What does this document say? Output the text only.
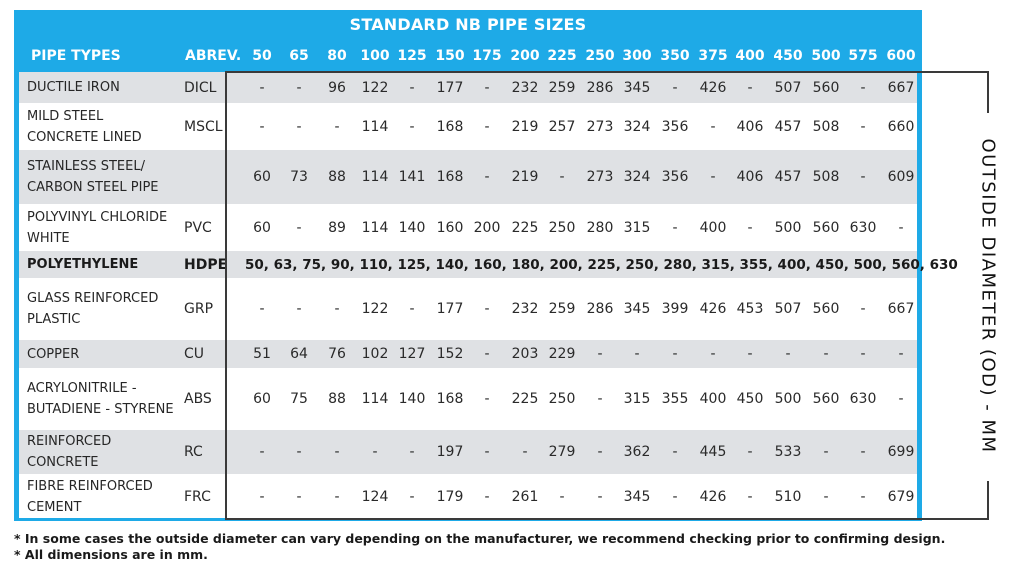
STANDARD NB PIPE SIZES
PIPE TYPES	ABREV. 50 65 80 100 125 150 175 200 225 250 300 350 375 400 450 500 575 600
DUCTILE IRON	DICL	- - 96 122 - 177 - 232 259 286 345 - 426 - 507 560 - 667
MILD STEEL
CONCRETE LINED
MSCL	- - - 114 - 168 - 219 257 273 324 356 - 406 457 508 - 660
STAINLESS STEEL/
CARBON STEEL PIPE
60 73 88 114 141 168 - 219 - 273 324 356 - 406 457 508 - 609
POLYVINYL CHLORIDE
WHITE
PVC	60 - 89 114 140 160 200 225 250 280 315 - 400 - 500 560 630 -
POLYETHYLENE	HDPE 50, 63, 75, 90, 110, 125, 140, 160, 180, 200, 225, 250, 280, 315, 355, 400, 450, 500, 560, 630
GLASS REINFORCED
PLASTIC
GRP	- - - 122 - 177 - 232 259 286 345 399 426 453 507 560 - 667
COPPER	CU	51 64 76 102 127 152 - 203 229 - - - - - - - - -
ACRYLONITRILE -
BUTADIENE - STYRENE
ABS	60 75 88 114 140 168 - 225 250 - 315 355 400 450 500 560 630 -
REINFORCED
CONCRETE
RC	- - - - - 197 - - 279 - 362 - 445 - 533 - - 699
FIBRE REINFORCED
CEMENT
FRC	- - - 124 - 179 - 261 - - 345 - 426 - 510 - - 679
OUTSIDE DIAMETER (OD) - MM
* In some cases the outside diameter can vary depending on the manufacturer, we recommend checking prior to confirming design.
* All dimensions are in mm.
